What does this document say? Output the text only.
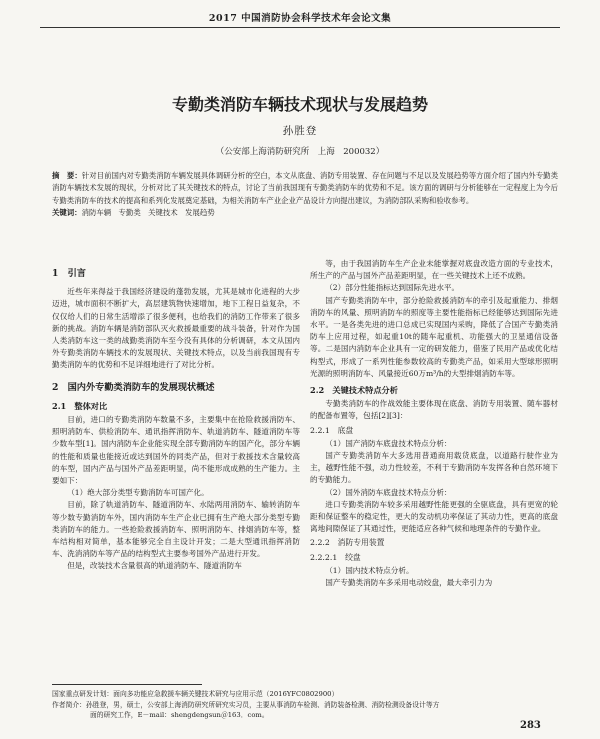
2017 中国消防协会科学技术年会论文集
专勤类消防车辆技术现状与发展趋势
孙胜登
（公安部上海消防研究所　上海　200032）
摘　要：针对目前国内对专勤类消防车辆发展具体调研分析的空白，本文从底盘、消防专用装置、存在问题与不足以及发展趋势等方面介绍了国内外专勤类消防车辆技术发展的现状，分析对比了其关键技术的特点，讨论了当前我国现有专勤类消防车的优势和不足。该方面的调研与分析能够在一定程度上为今后专勤类消防车的技术的提高和系列化发展奠定基础，为相关消防车产业企业产品设计方向提出建议，为消防部队采购和验收参考。
关键词：消防车辆　专勤类　关键技术　发展趋势
1　引言

近些年来得益于我国经济建设的蓬勃发展，尤其是城市化进程的大步迈进，城市面积不断扩大，高层建筑物快速增加，地下工程日益复杂，不仅仅给人们的日常生活增添了很多便利，也给我们的消防工作带来了很多新的挑战。消防车辆是消防部队灭火救援最重要的战斗装备，针对作为国人类消防车这一类的战勤类消防车至今没有具体的分析调研，本文从国内外专勤类消防车辆技术的发展现状、关键技术特点，以及当前我国现有专勤类消防车的优势和不足详细地进行了对比分析。

2　国内外专勤类消防车的发展现状概述
2.1　整体对比

目前，进口的专勤类消防车数量不多，主要集中在抢险救援消防车、照明消防车、供检消防车、通讯指挥消防车、轨道消防车、隧道消防车等少数车型[1]。国内消防车企业能实现全部专勤消防车的国产化，部分车辆的性能和质量也能接近或达到国外的同类产品，但对于救援技术含量较高的车型，国内产品与国外产品差距明显，尚不能形成成熟的生产能力。主要如下：

（1）绝大部分类型专勤消防车可国产化。

目前，除了轨道消防车、隧道消防车、水陆两用消防车、输转消防车等少数专勤消防车外，国内消防车生产企业已拥有生产绝大部分类型专勤类消防车的能力。一些抢险救援消防车、照明消防车、排烟消防车等，整车结构相对简单，基本能够完全自主设计开发；二是大型通讯指挥消防车、洗消消防车等产品的结构型式主要参考国外产品进行开发。

但是，改装技术含量很高的轨道消防车、隧道消防车

等，由于我国消防车生产企业未能掌握对底盘改造方面的专业技术，所生产的产品与国外产品差距明显，在一些关键技术上还不成熟。

（2）部分性能指标达到国际先进水平。

国产专勤类消防车中，部分抢险救援消防车的牵引及起重能力、排烟消防车的风量、照明消防车的照度等主要性能指标已经能够达到国际先进水平。一是各类先进的进口总成已实现国内采购，降低了合国产专勤类消防车上应用过程，如起重10t的随车起重机、功能强大的卫星通信设备等。二是国内消防车企业具有一定的研发能力，借鉴了民用产品或优化结构型式，形成了一系列性能参数较高的专勤类产品，如采用大型球形照明光源的照明消防车、风量接近60万m³/h的大型排烟消防车等。

2.2　关键技术特点分析

专勤类消防车的作战效能主要体现在底盘、消防专用装置、随车器材的配备布置等，包括[2][3]：

2.2.1　底盘

（1）国产消防车底盘技术特点分析：

国产专勤类消防车大多选用普通商用载货底盘，以道路行驶作业为主，越野性能不强，动力性较差，不利于专勤消防车发挥各种自然环境下的专勤能力。

（2）国外消防车底盘技术特点分析：

进口专勤类消防车较多采用越野性能更强的全驱底盘，具有更宽的轮距和保证整车的稳定性，更大的发动机功率保证了其动力性，更高的底盘离地间隙保证了其通过性，更能适应各种气候和地理条件的专勤作业。

2.2.2　消防专用装置
2.2.2.1　绞盘

（1）国内技术特点分析。

国产专勤类消防车多采用电动绞盘，最大牵引力为

国家重点研发计划：面向多功能应急救援车辆关键技术研究与应用示范（2016YFC0802900）
作者简介：孙胜登，男，硕士，公安部上海消防研究所研究实习员，主要从事消防车检测、消防装备检测、消防检测设备设计等方
面的研究工作，E－mail：shengdengsun＠163．com。
283
